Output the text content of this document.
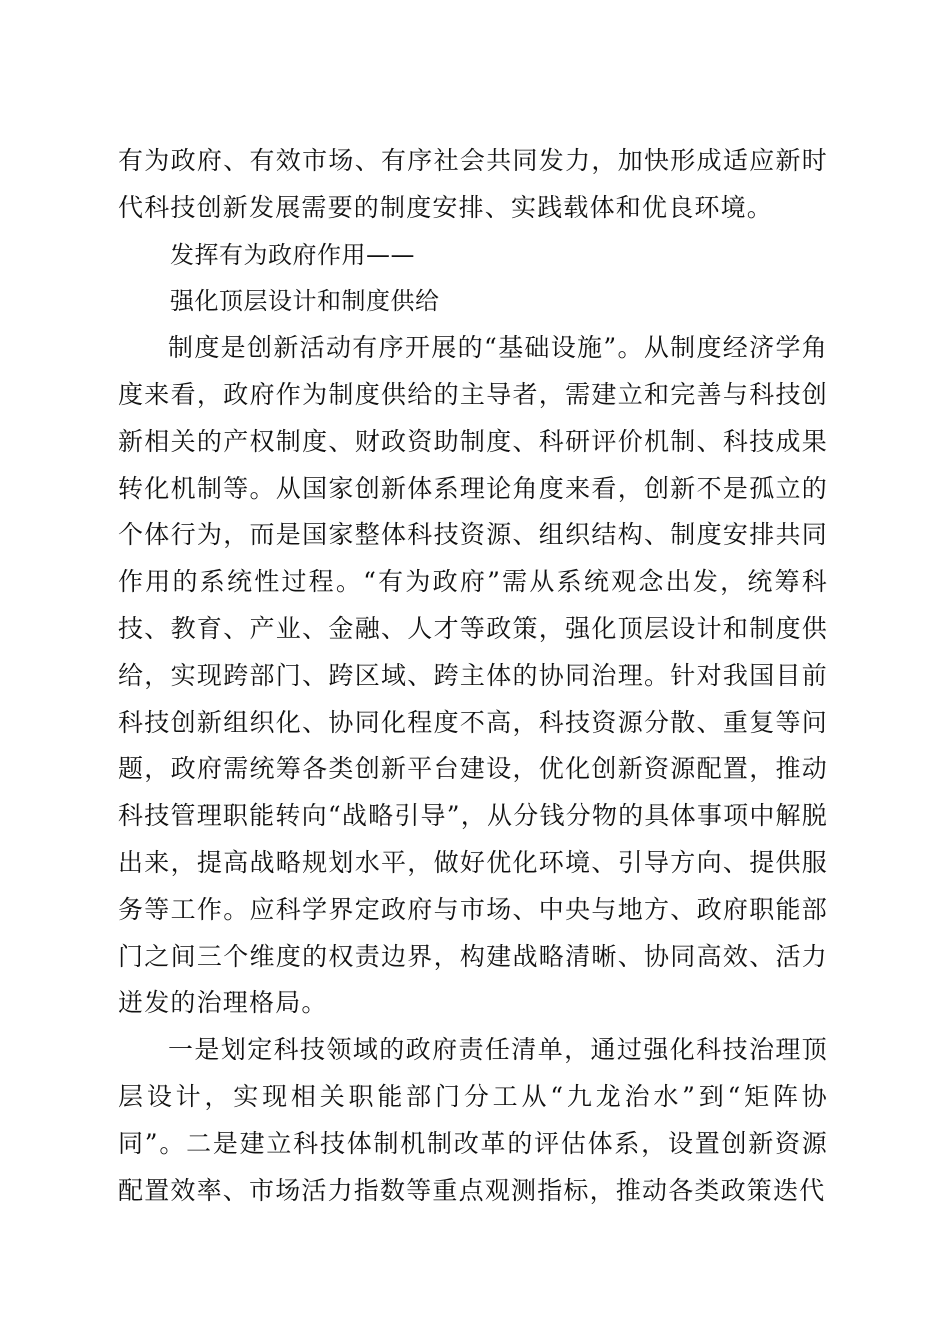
有为政府、有效市场、有序社会共同发力，加快形成适应新时代科技创新发展需要的制度安排、实践载体和优良环境。

发挥有为政府作用——

强化顶层设计和制度供给

制度是创新活动有序开展的“基础设施”。从制度经济学角度来看，政府作为制度供给的主导者，需建立和完善与科技创新相关的产权制度、财政资助制度、科研评价机制、科技成果转化机制等。从国家创新体系理论角度来看，创新不是孤立的个体行为，而是国家整体科技资源、组织结构、制度安排共同作用的系统性过程。“有为政府”需从系统观念出发，统筹科技、教育、产业、金融、人才等政策，强化顶层设计和制度供给，实现跨部门、跨区域、跨主体的协同治理。针对我国目前科技创新组织化、协同化程度不高，科技资源分散、重复等问题，政府需统筹各类创新平台建设，优化创新资源配置，推动科技管理职能转向“战略引导”，从分钱分物的具体事项中解脱出来，提高战略规划水平，做好优化环境、引导方向、提供服务等工作。应科学界定政府与市场、中央与地方、政府职能部门之间三个维度的权责边界，构建战略清晰、协同高效、活力迸发的治理格局。

一是划定科技领域的政府责任清单，通过强化科技治理顶层设计，实现相关职能部门分工从“九龙治水”到“矩阵协同”。二是建立科技体制机制改革的评估体系，设置创新资源配置效率、市场活力指数等重点观测指标，推动各类政策迭代
